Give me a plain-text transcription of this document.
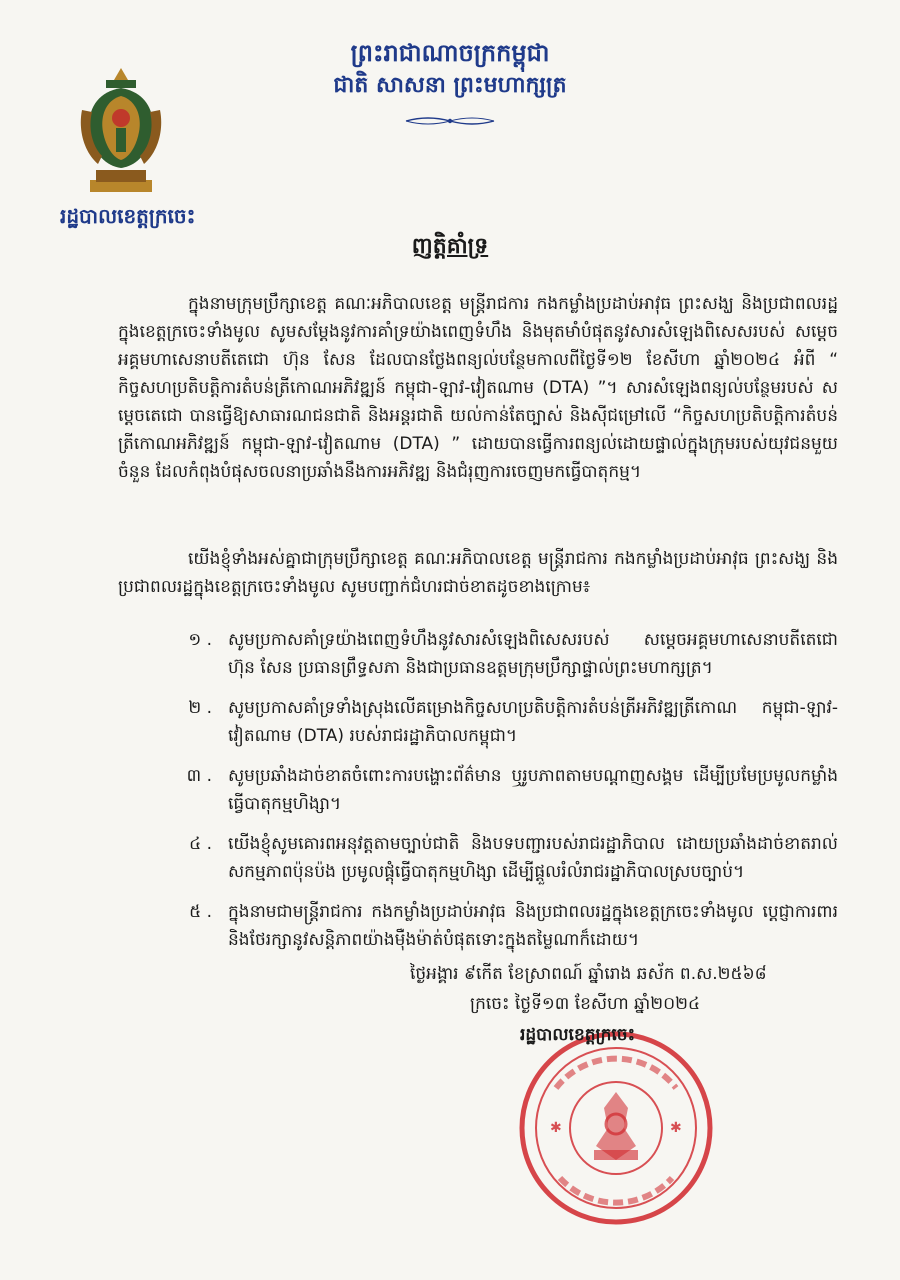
ព្រះរាជាណាចក្រកម្ពុជា
ជាតិ សាសនា ព្រះមហាក្សត្រ
រដ្ឋបាលខេត្តក្រចេះ
ញត្តិគាំទ្រ
ក្នុងនាមក្រុមប្រឹក្សាខេត្ត គណៈអភិបាលខេត្ត មន្ត្រីរាជការ កងកម្លាំងប្រដាប់អាវុធ ព្រះសង្ឃ និងប្រជាពលរដ្ឋក្នុងខេត្តក្រចេះទាំងមូល សូមសម្តែងនូវការគាំទ្រយ៉ាងពេញទំហឹង និងមុតមាំបំផុតនូវសារសំឡេងពិសេសរបស់ សម្តេចអគ្គមហាសេនាបតីតេជោ ហ៊ុន សែន ដែលបានថ្លែងពន្យល់បន្ថែមកាលពីថ្ងៃទី១២ ខែសីហា ឆ្នាំ២០២៤ អំពី “ កិច្ចសហប្រតិបត្តិការតំបន់ត្រីកោណអភិវឌ្ឍន៍ កម្ពុជា-ឡាវ-វៀតណាម (DTA) ”។ សារសំឡេងពន្យល់បន្ថែមរបស់ សម្តេចតេជោ បានធ្វើឱ្យសាធារណជនជាតិ និងអន្តរជាតិ យល់កាន់តែច្បាស់ និងស៊ីជម្រៅលើ “កិច្ចសហប្រតិបត្តិការតំបន់ត្រីកោណអភិវឌ្ឍន៍ កម្ពុជា-ឡាវ-វៀតណាម (DTA) ” ដោយបានធ្វើការពន្យល់ដោយផ្ទាល់ក្នុងក្រុមរបស់យុវជនមួយចំនួន ដែលកំពុងបំផុសចលនាប្រឆាំងនឹងការអភិវឌ្ឍ និងជំរុញការចេញមកធ្វើបាតុកម្ម។
យើងខ្ញុំទាំងអស់គ្នាជាក្រុមប្រឹក្សាខេត្ត គណៈអភិបាលខេត្ត មន្ត្រីរាជការ កងកម្លាំងប្រដាប់អាវុធ ព្រះសង្ឃ និងប្រជាពលរដ្ឋក្នុងខេត្តក្រចេះទាំងមូល សូមបញ្ជាក់ជំហរជាច់ខាតដូចខាងក្រោម៖
១ . សូមប្រកាសគាំទ្រយ៉ាងពេញទំហឹងនូវសារសំឡេងពិសេសរបស់ សម្តេចអគ្គមហាសេនាបតីតេជោ ហ៊ុន សែន ប្រធានព្រឹទ្ធសភា និងជាប្រធានឧត្តមក្រុមប្រឹក្សាផ្ទាល់ព្រះមហាក្សត្រ។
២ . សូមប្រកាសគាំទ្រទាំងស្រុងលើគម្រោងកិច្ចសហប្រតិបត្តិការតំបន់ត្រីអភិវឌ្ឍត្រីកោណ កម្ពុជា-ឡាវ-វៀតណាម (DTA) របស់រាជរដ្ឋាភិបាលកម្ពុជា។
៣ . សូមប្រឆាំងដាច់ខាតចំពោះការបង្ហោះព័ត៌មាន ឬរូបភាពតាមបណ្តាញសង្គម ដើម្បីប្រមែប្រមូលកម្លាំងធ្វើបាតុកម្មហិង្សា។
៤ . យើងខ្ញុំសូមគោរពអនុវត្តតាមច្បាប់ជាតិ និងបទបញ្ជារបស់រាជរដ្ឋាភិបាល ដោយប្រឆាំងដាច់ខាតរាល់សកម្មភាពប៉ុនប៉ង ប្រមូលផ្តុំធ្វើបាតុកម្មហិង្សា ដើម្បីផ្តួលរំលំរាជរដ្ឋាភិបាលស្របច្បាប់។
៥ . ក្នុងនាមជាមន្ត្រីរាជការ កងកម្លាំងប្រដាប់អាវុធ និងប្រជាពលរដ្ឋក្នុងខេត្តក្រចេះទាំងមូល ប្តេជ្ញាការពារ និងថែរក្សានូវសន្តិភាពយ៉ាងម៉ឺងម៉ាត់បំផុតទោះក្នុងតម្លៃណាក៏ដោយ។
ថ្ងៃអង្គារ ៩កើត ខែស្រាពណ៍ ឆ្នាំរោង ឆស័ក ព.ស.២៥៦៨
ក្រចេះ ថ្ងៃទី១៣ ខែសីហា ឆ្នាំ២០២៤
✱	✱
រដ្ឋបាលខេត្តក្រចេះ
